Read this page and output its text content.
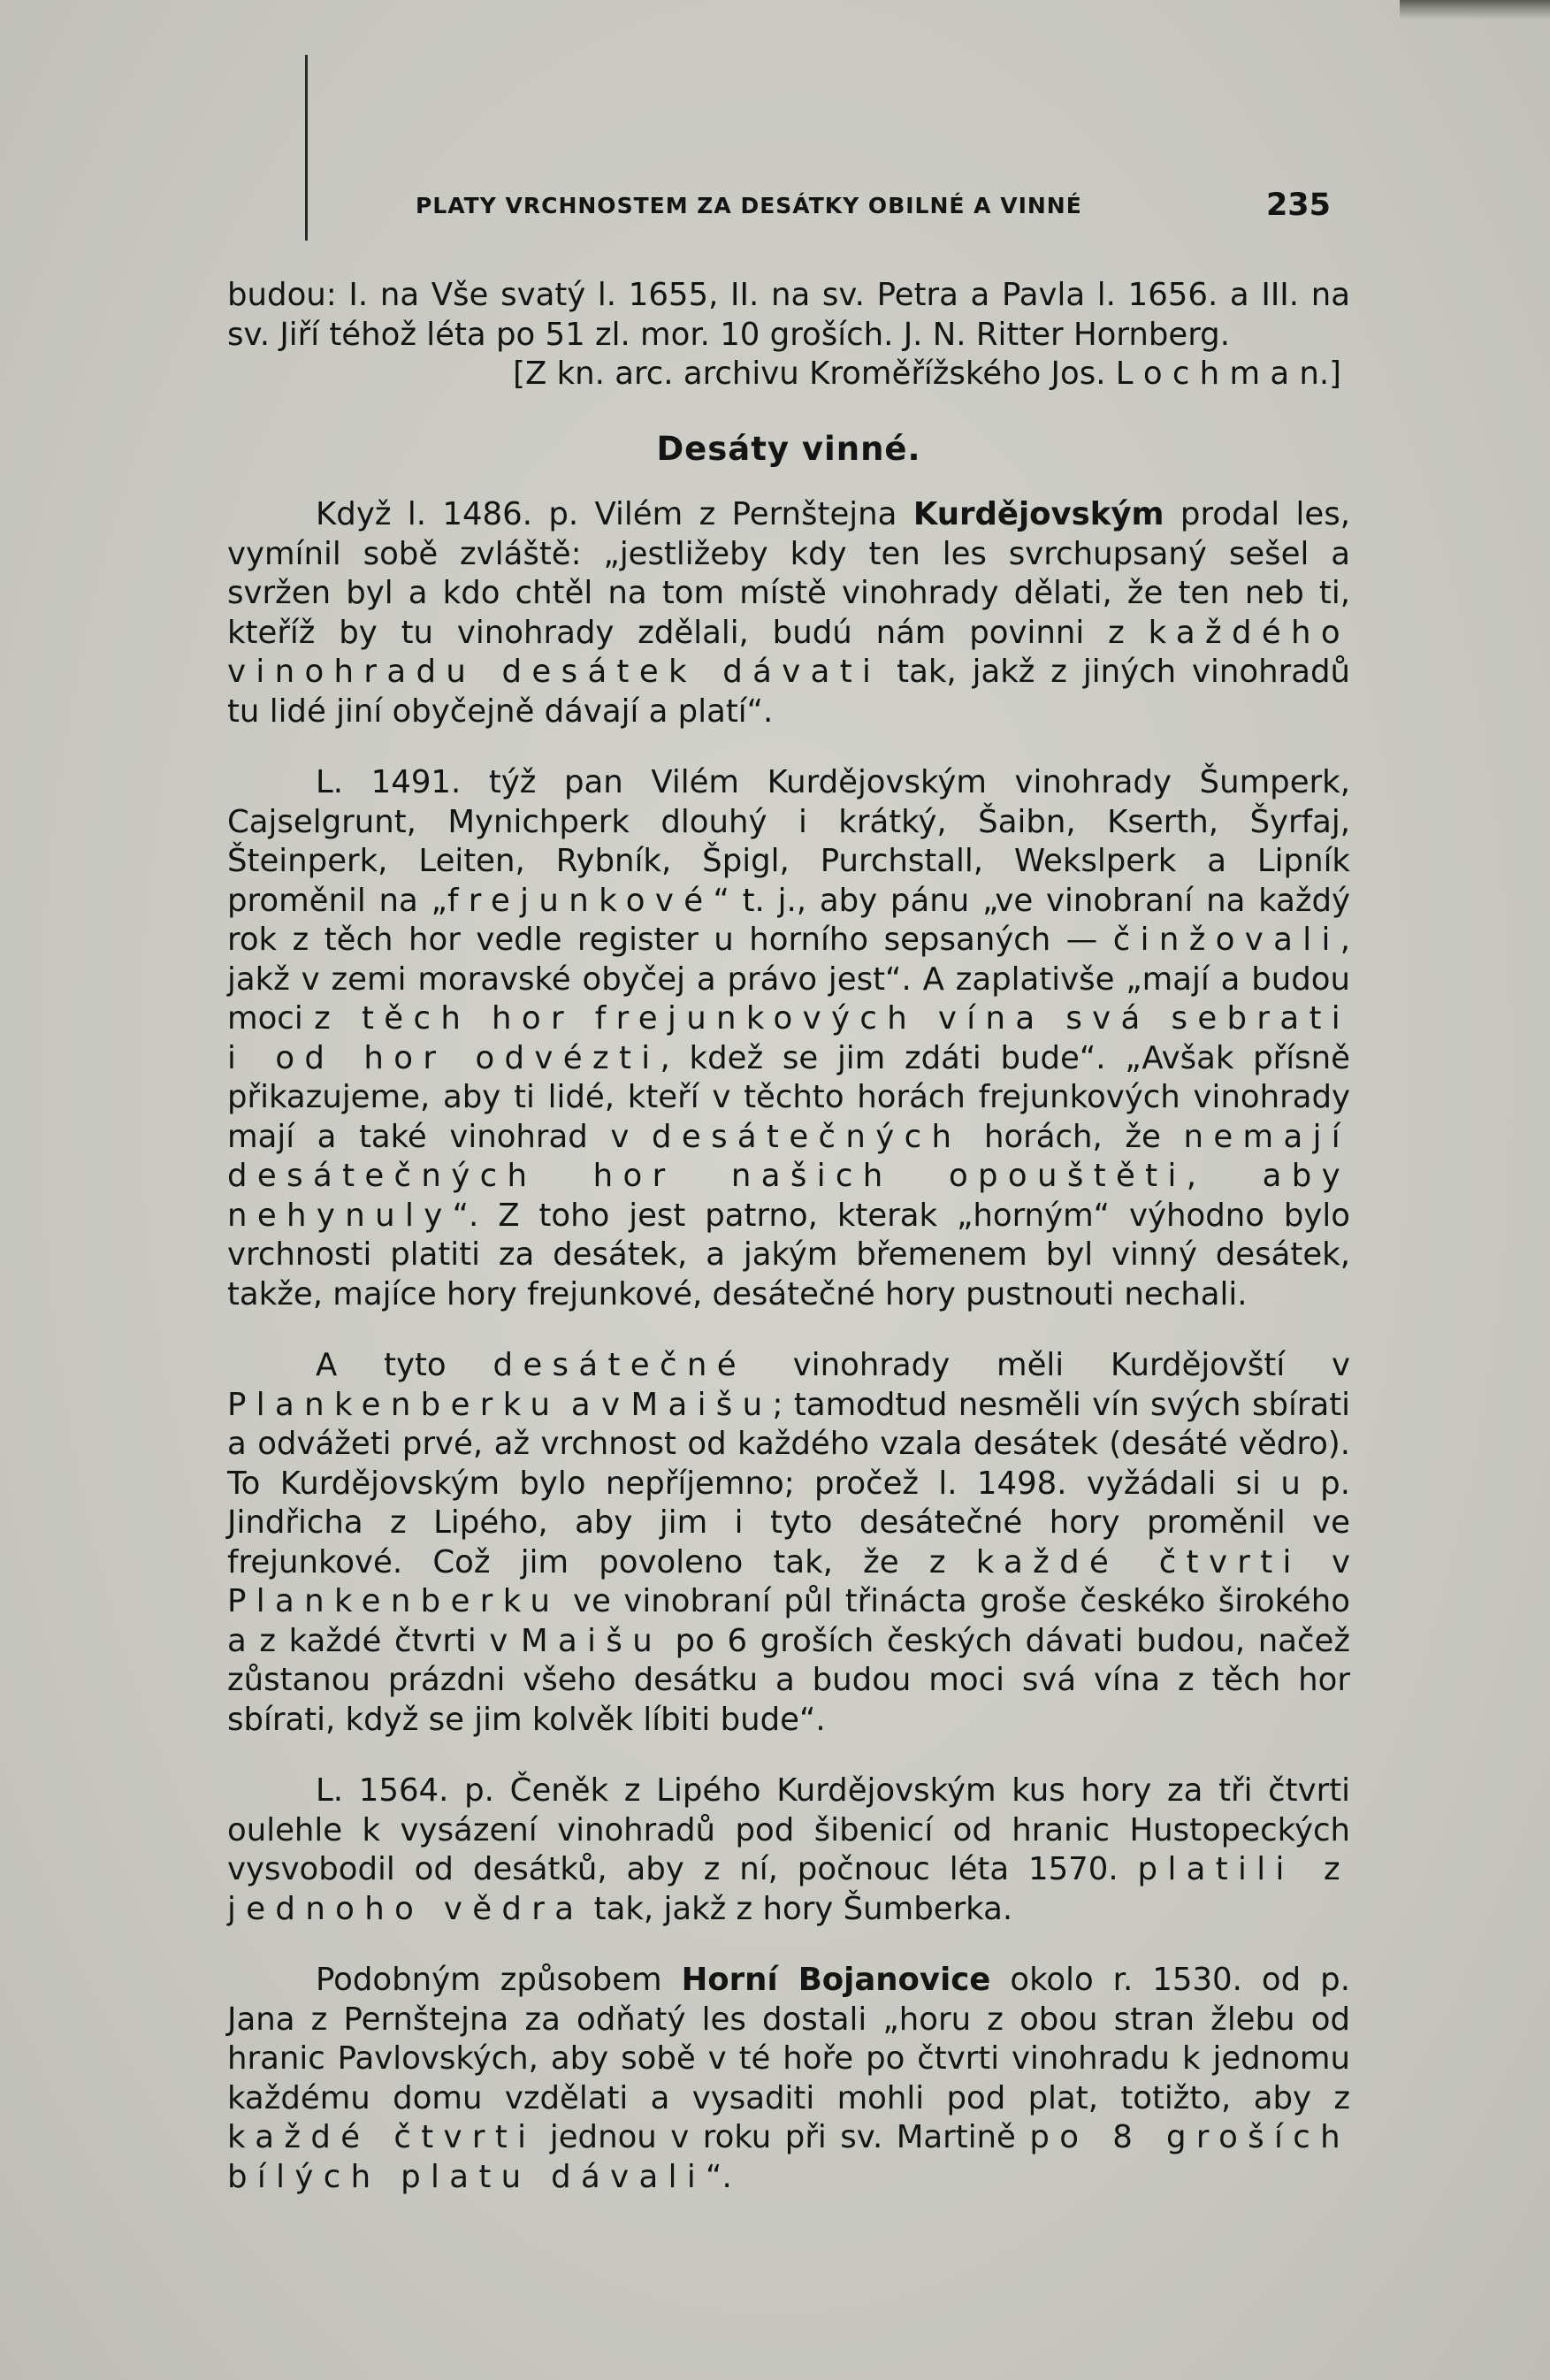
PLATY VRCHNOSTEM ZA DESÁTKY OBILNÉ A VINNÉ	235

budou: I. na Vše svatý l. 1655, II. na sv. Petra a Pavla l. 1656. a III. na sv. Jiří téhož léta po 51 zl. mor. 10 groších. J. N. Ritter Hornberg.

[Z kn. arc. archivu Kroměřížského Jos. L o c h m a n.]

Desáty vinné.

Když l. 1486. p. Vilém z Pernštejna Kurdějovským prodal les, vymínil sobě zvláště: „jestližeby kdy ten les svrchupsaný sešel a svržen byl a kdo chtěl na tom místě vinohrady dělati, že ten neb ti, kteříž by tu vinohrady zdělali, budú nám povinni z každého vinohradu desátek dávati tak, jakž z jiných vinohradů tu lidé jiní obyčejně dávají a platí“.

L. 1491. týž pan Vilém Kurdějovským vinohrady Šumperk, Cajselgrunt, Mynichperk dlouhý i krátký, Šaibn, Kserth, Šyrfaj, Šteinperk, Leiten, Rybník, Špigl, Purchstall, Wekslperk a Lipník proměnil na „frejunkové“ t. j., aby pánu „ve vinobraní na každý rok z těch hor vedle register u horního sepsaných — činžovali, jakž v zemi moravské obyčej a právo jest“. A zaplativše „mají a budou moci z těch hor frejunkových vína svá sebrati i od hor odvézti, kdež se jim zdáti bude“. „Avšak přísně přikazujeme, aby ti lidé, kteří v těchto horách frejunkových vinohrady mají a také vinohrad v desátečných horách, že nemají desátečných hor našich opouštěti, aby nehynuly“. Z toho jest patrno, kterak „horným“ výhodno bylo vrchnosti platiti za desátek, a jakým břemenem byl vinný desátek, takže, majíce hory frejunkové, desátečné hory pustnouti nechali.

A tyto desátečné vinohrady měli Kurdějovští v Plankenberku a v Maišu; tamodtud nesměli vín svých sbírati a odvážeti prvé, až vrchnost od každého vzala desátek (desáté vědro). To Kurdějovským bylo nepříjemno; pročež l. 1498. vyžádali si u p. Jindřicha z Lipého, aby jim i tyto desátečné hory proměnil ve frejunkové. Což jim povoleno tak, že z každé čtvrti v Plankenberku ve vinobraní půl třinácta groše českéko širokého a z každé čtvrti v Maišu po 6 groších českých dávati budou, načež zůstanou prázdni všeho desátku a budou moci svá vína z těch hor sbírati, když se jim kolvěk líbiti bude“.

L. 1564. p. Čeněk z Lipého Kurdějovským kus hory za tři čtvrti oulehle k vysázení vinohradů pod šibenicí od hranic Hustopeckých vysvobodil od desátků, aby z ní, počnouc léta 1570. platili z jednoho vědra tak, jakž z hory Šumberka.

Podobným způsobem Horní Bojanovice okolo r. 1530. od p. Jana z Pernštejna za odňatý les dostali „horu z obou stran žlebu od hranic Pavlovských, aby sobě v té hoře po čtvrti vinohradu k jednomu každému domu vzdělati a vysaditi mohli pod plat, totižto, aby z každé čtvrti jednou v roku při sv. Martině po 8 groších bílých platu dávali“.
